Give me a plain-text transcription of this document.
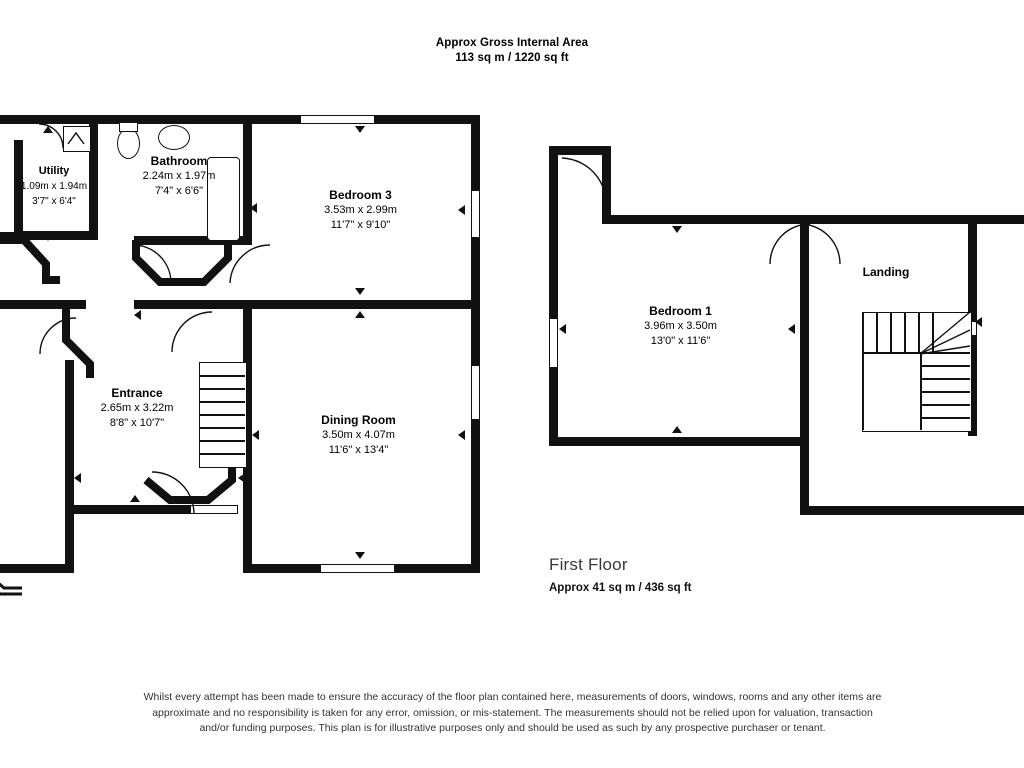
Approx Gross Internal Area
113 sq m / 1220 sq ft
Utility
1.09m x 1.94m
3'7" x 6'4"
Bathroom
2.24m x 1.97m
7'4" x 6'6"	Bedroom 3
3.53m x 2.99m
11'7" x 9'10"
Entrance
2.65m x 3.22m
8'8" x 10'7"	Dining Room
3.50m x 4.07m
11'6" x 13'4"
Bedroom 1
3.96m x 3.50m
13'0" x 11'6"
Landing
First Floor
Approx 41 sq m / 436 sq ft
Whilst every attempt has been made to ensure the accuracy of the floor plan contained here, measurements of doors, windows, rooms and any other items are approximate and no responsibility is taken for any error, omission, or mis-statement. The measurements should not be relied upon for valuation, transaction and/or funding purposes. This plan is for illustrative purposes only and should be used as such by any prospective purchaser or tenant.
